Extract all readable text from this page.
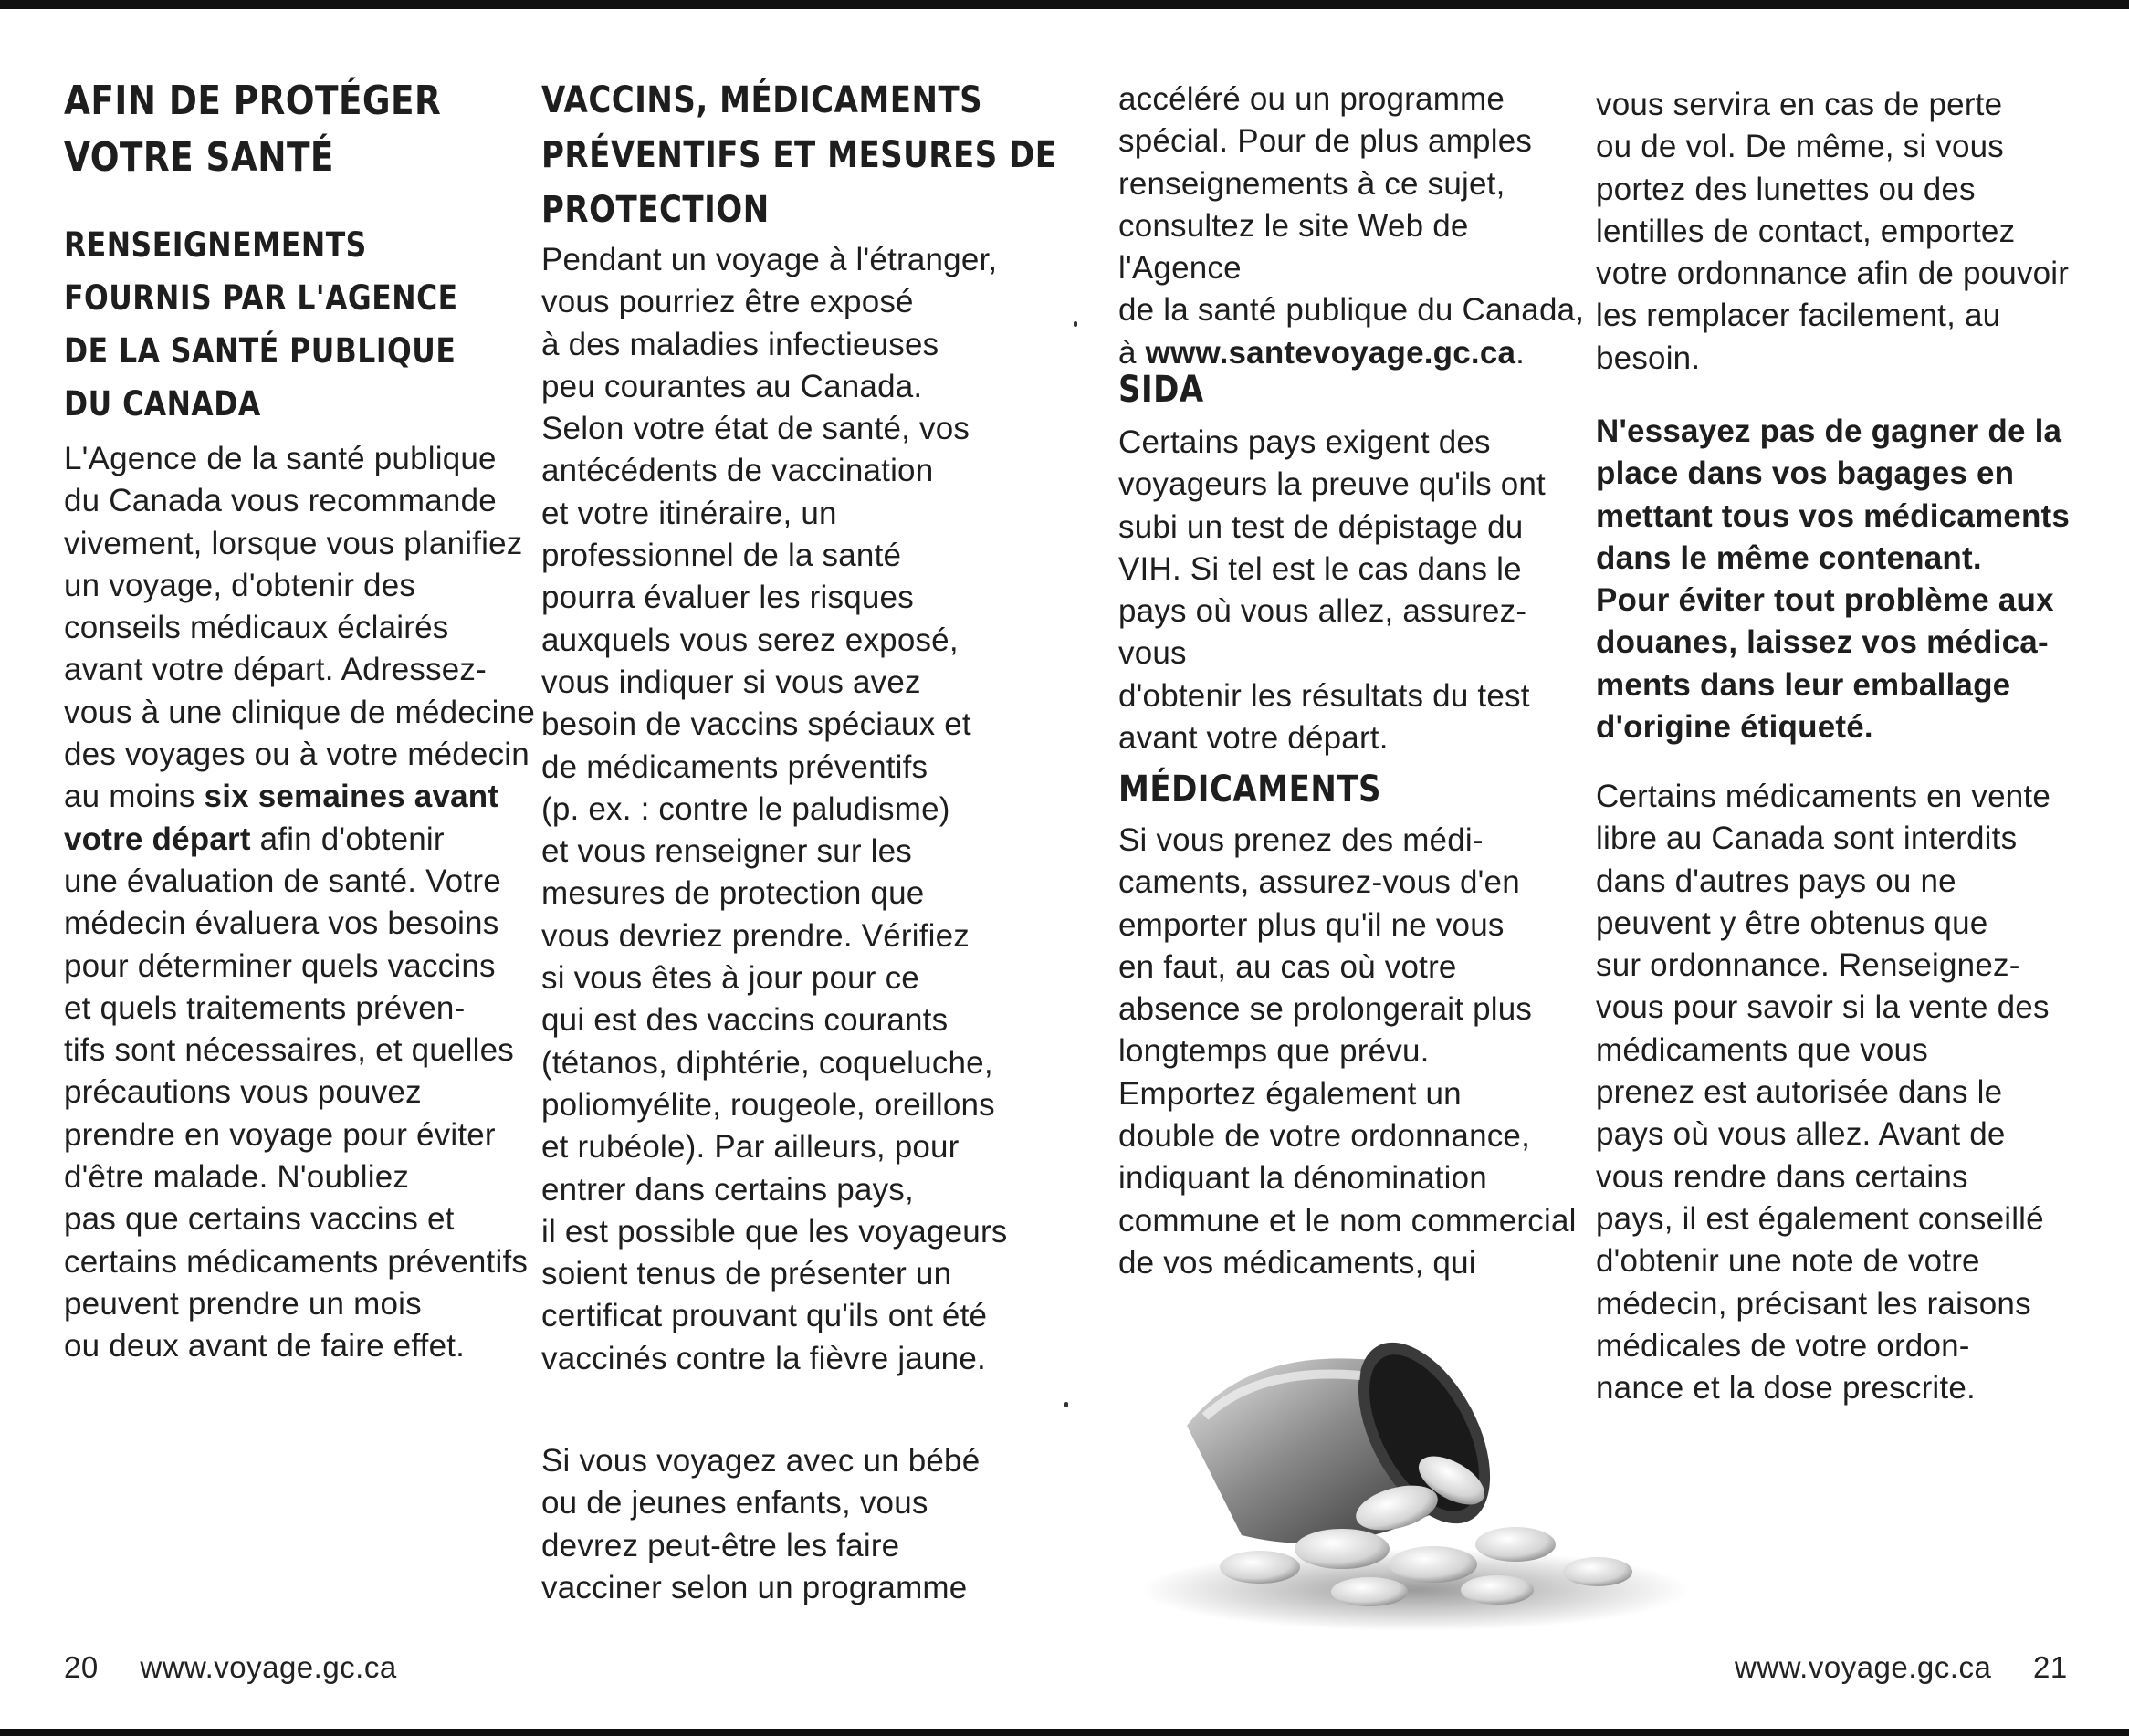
AFIN DE PROTÉGER
VOTRE SANTÉ
RENSEIGNEMENTS
FOURNIS PAR L'AGENCE
DE LA SANTÉ PUBLIQUE
DU CANADA

L'Agence de la santé publique

du Canada vous recommande

vivement, lorsque vous planifiez

un voyage, d'obtenir des

conseils médicaux éclairés

avant votre départ. Adressez-

vous à une clinique de médecine

des voyages ou à votre médecin

au moins six semaines avant

votre départ afin d'obtenir

une évaluation de santé. Votre

médecin évaluera vos besoins

pour déterminer quels vaccins

et quels traitements préven-

tifs sont nécessaires, et quelles

précautions vous pouvez

prendre en voyage pour éviter

d'être malade. N'oubliez

pas que certains vaccins et

certains médicaments préventifs

peuvent prendre un mois

ou deux avant de faire effet.

VACCINS, MÉDICAMENTS
PRÉVENTIFS ET MESURES DE
PROTECTION

Pendant un voyage à l'étranger,

vous pourriez être exposé

à des maladies infectieuses

peu courantes au Canada.

Selon votre état de santé, vos

antécédents de vaccination

et votre itinéraire, un

professionnel de la santé

pourra évaluer les risques

auxquels vous serez exposé,

vous indiquer si vous avez

besoin de vaccins spéciaux et

de médicaments préventifs

(p. ex. : contre le paludisme)

et vous renseigner sur les

mesures de protection que

vous devriez prendre. Vérifiez

si vous êtes à jour pour ce

qui est des vaccins courants

(tétanos, diphtérie, coqueluche,

poliomyélite, rougeole, oreillons

et rubéole). Par ailleurs, pour

entrer dans certains pays,

il est possible que les voyageurs

soient tenus de présenter un

certificat prouvant qu'ils ont été

vaccinés contre la fièvre jaune.

Si vous voyagez avec un bébé

ou de jeunes enfants, vous

devrez peut-être les faire

vacciner selon un programme

accéléré ou un programme

spécial. Pour de plus amples

renseignements à ce sujet,

consultez le site Web de l'Agence

de la santé publique du Canada,

à www.santevoyage.gc.ca.

SIDA

Certains pays exigent des

voyageurs la preuve qu'ils ont

subi un test de dépistage du

VIH. Si tel est le cas dans le

pays où vous allez, assurez-vous

d'obtenir les résultats du test

avant votre départ.

MÉDICAMENTS

Si vous prenez des médi-

caments, assurez-vous d'en

emporter plus qu'il ne vous

en faut, au cas où votre

absence se prolongerait plus

longtemps que prévu.

Emportez également un

double de votre ordonnance,

indiquant la dénomination

commune et le nom commercial

de vos médicaments, qui

vous servira en cas de perte

ou de vol. De même, si vous

portez des lunettes ou des

lentilles de contact, emportez

votre ordonnance afin de pouvoir

les remplacer facilement, au

besoin.

N'essayez pas de gagner de la

place dans vos bagages en

mettant tous vos médicaments

dans le même contenant.

Pour éviter tout problème aux

douanes, laissez vos médica-

ments dans leur emballage

d'origine étiqueté.

Certains médicaments en vente

libre au Canada sont interdits

dans d'autres pays ou ne

peuvent y être obtenus que

sur ordonnance. Renseignez-

vous pour savoir si la vente des

médicaments que vous

prenez est autorisée dans le

pays où vous allez. Avant de

vous rendre dans certains

pays, il est également conseillé

d'obtenir une note de votre

médecin, précisant les raisons

médicales de votre ordon-

nance et la dose prescrite.

20 www.voyage.gc.ca	www.voyage.gc.ca 21
